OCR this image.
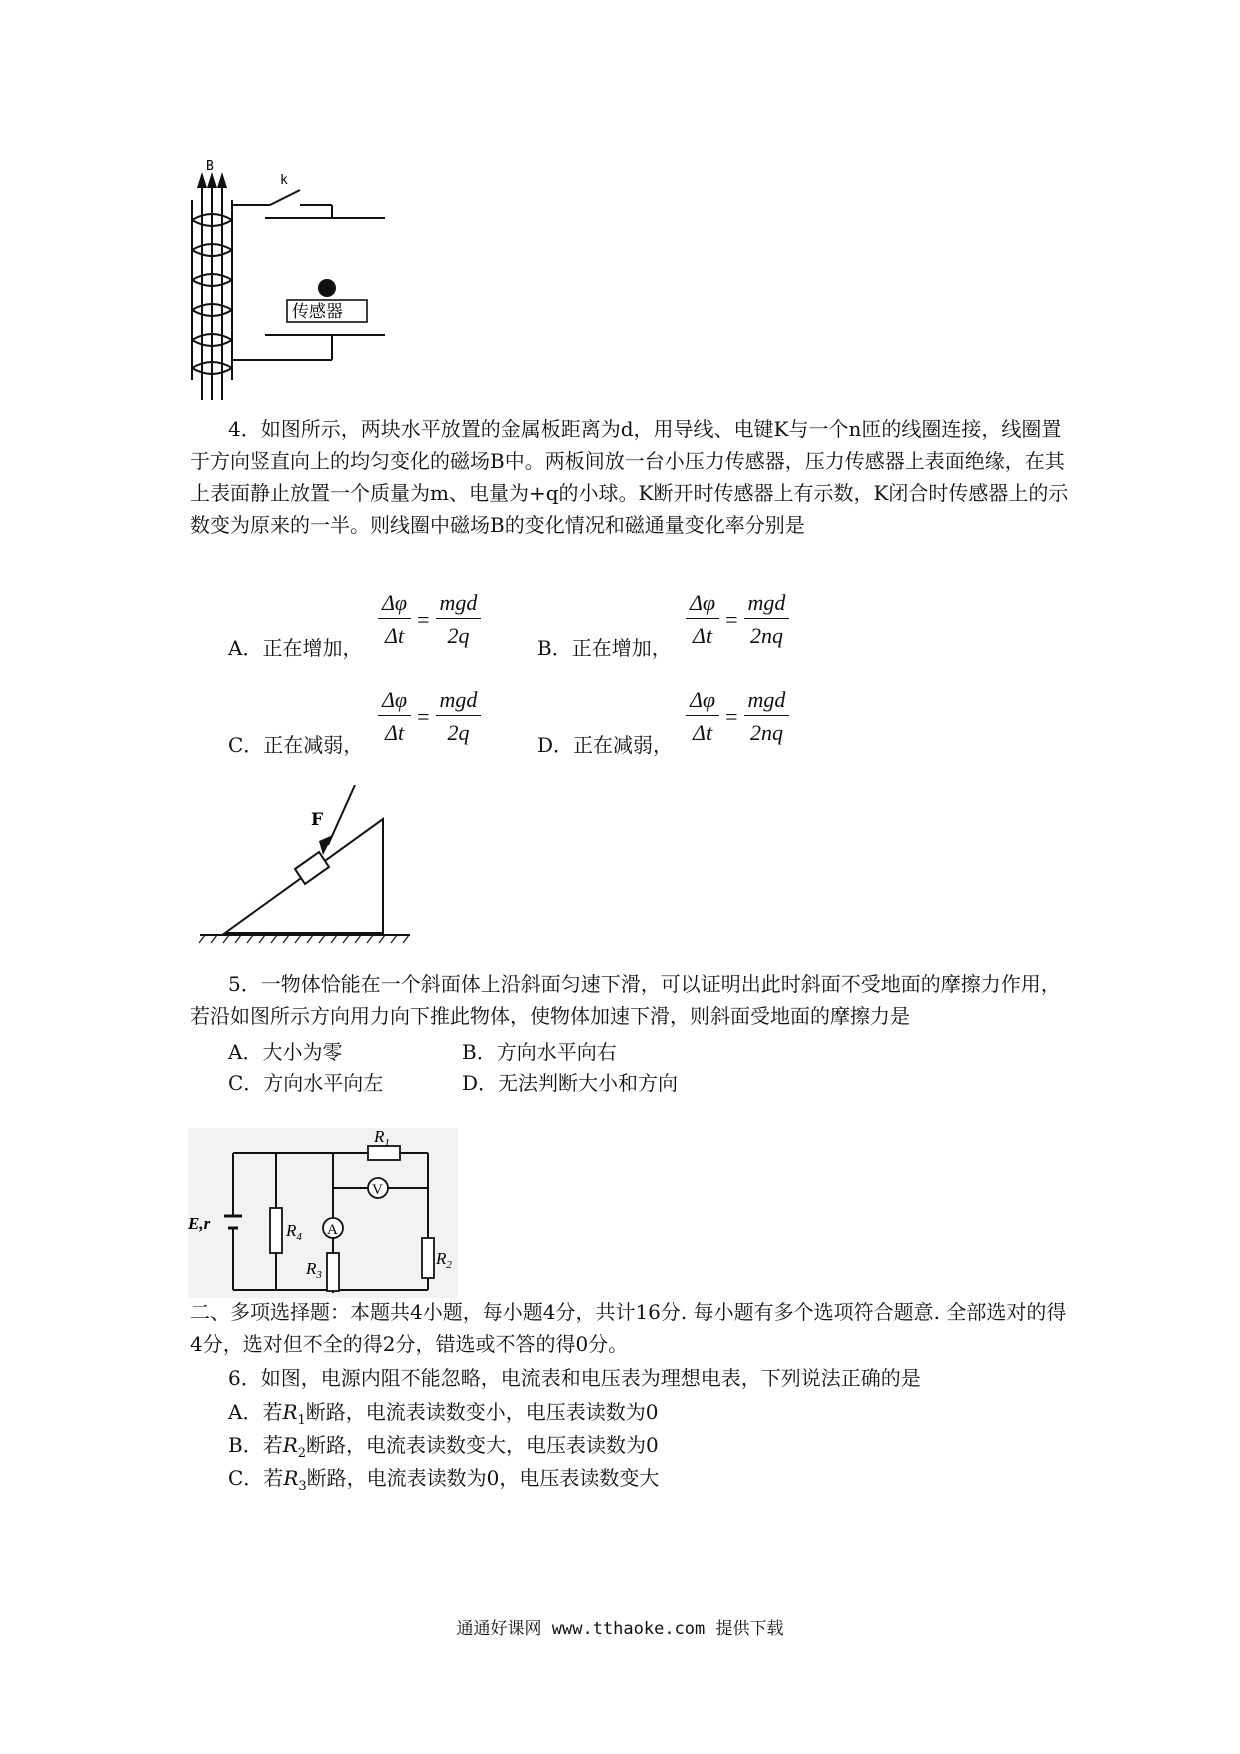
B
k
传感器
4．如图所示，两块水平放置的金属板距离为d，用导线、电键K与一个n匝的线圈连接，线圈置于方向竖直向上的均匀变化的磁场B中。两板间放一台小压力传感器，压力传感器上表面绝缘，在其上表面静止放置一个质量为m、电量为+q的小球。K断开时传感器上有示数，K闭合时传感器上的示数变为原来的一半。则线圈中磁场B的变化情况和磁通量变化率分别是
A．正在增加， $\frac{\Delta\varphi}{\Delta t} = \frac{\text{mgd}}{2q}$	B．正在增加， $\frac{\Delta\varphi}{\Delta t} = \frac{\text{mgd}}{2nq}$
C．正在减弱， $\frac{\Delta\varphi}{\Delta t} = \frac{\text{mgd}}{2q}$	D．正在减弱， $\frac{\Delta\varphi}{\Delta t} = \frac{\text{mgd}}{2nq}$
F
5．一物体恰能在一个斜面体上沿斜面匀速下滑，可以证明出此时斜面不受地面的摩擦力作用，若沿如图所示方向用力向下推此物体，使物体加速下滑，则斜面受地面的摩擦力是
A．大小为零	B．方向水平向右
C．方向水平向左	D．无法判断大小和方向
A
V
E,r
$R_1$
$R_4$
$R_3$
$R_2$
二、多项选择题：本题共4小题，每小题4分，共计16分. 每小题有多个选项符合题意. 全部选对的得4分，选对但不全的得2分，错选或不答的得0分。
6．如图，电源内阻不能忽略，电流表和电压表为理想电表，下列说法正确的是
A．若$R_1$断路，电流表读数变小，电压表读数为0
B．若$R_2$断路，电流表读数变大，电压表读数为0
C．若$R_3$断路，电流表读数为0，电压表读数变大
通通好课网 www.tthaoke.com 提供下载
